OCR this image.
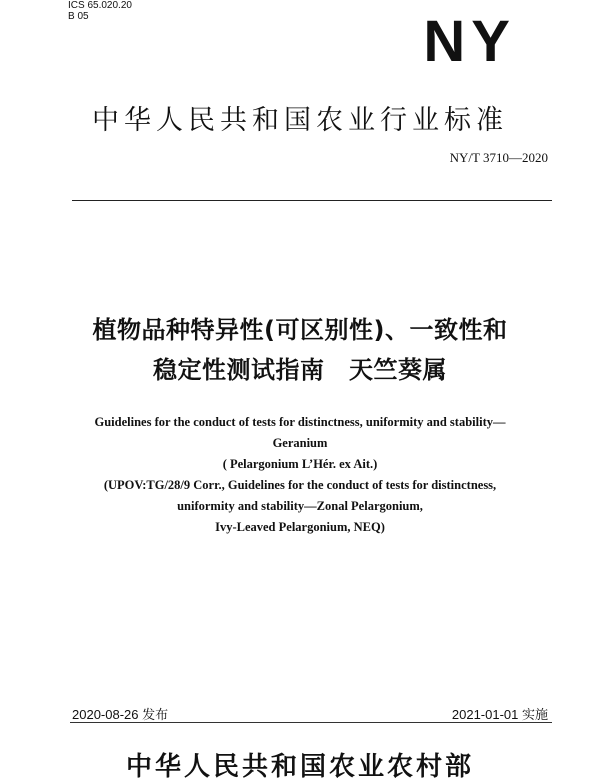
ICS 65.020.20
B 05	NY
中华人民共和国农业行业标准
NY/T 3710—2020
植物品种特异性(可区别性)、一致性和
稳定性测试指南　天竺葵属
Guidelines for the conduct of tests for distinctness, uniformity and stability—
Geranium
( Pelargonium L’Hér. ex Ait.)
(UPOV:TG/28/9 Corr., Guidelines for the conduct of tests for distinctness,
uniformity and stability—Zonal Pelargonium,
Ivy-Leaved Pelargonium, NEQ)
2020-08-26 发布	2021-01-01 实施
中华人民共和国农业农村部
